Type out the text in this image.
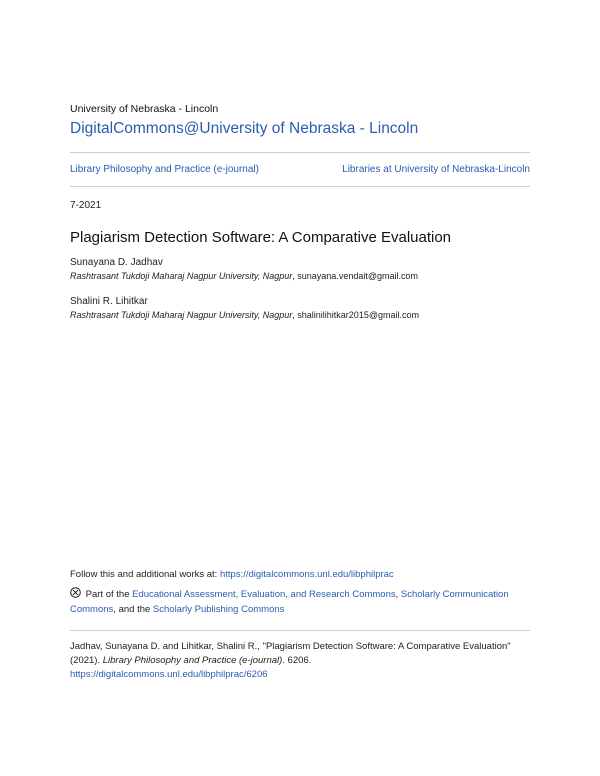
University of Nebraska - Lincoln
DigitalCommons@University of Nebraska - Lincoln
Library Philosophy and Practice (e-journal)	Libraries at University of Nebraska-Lincoln
7-2021
Plagiarism Detection Software: A Comparative Evaluation
Sunayana D. Jadhav
Rashtrasant Tukdoji Maharaj Nagpur University, Nagpur, sunayana.vendait@gmail.com
Shalini R. Lihitkar
Rashtrasant Tukdoji Maharaj Nagpur University, Nagpur, shalinilihitkar2015@gmail.com
Follow this and additional works at: https://digitalcommons.unl.edu/libphilprac
Part of the Educational Assessment, Evaluation, and Research Commons, Scholarly Communication Commons, and the Scholarly Publishing Commons
Jadhav, Sunayana D. and Lihitkar, Shalini R., "Plagiarism Detection Software: A Comparative Evaluation" (2021). Library Philosophy and Practice (e-journal). 6206.
https://digitalcommons.unl.edu/libphilprac/6206
